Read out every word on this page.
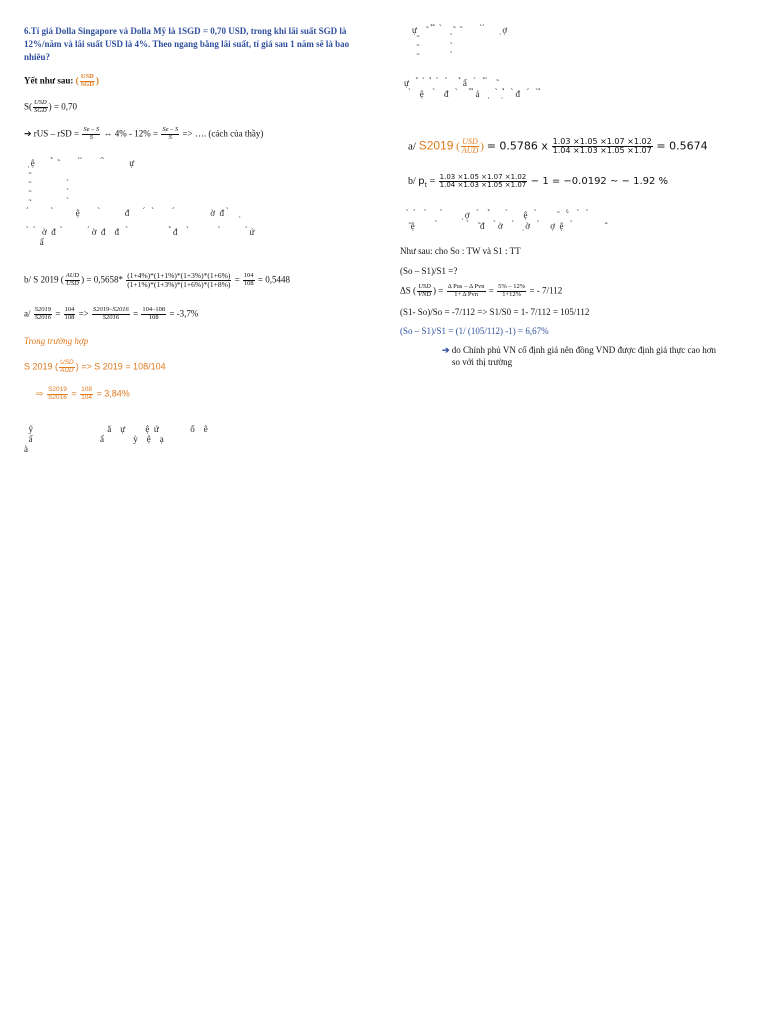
6.Tỉ giá Dolla Singapore và Dolla Mỹ là 1SGD = 0,70 USD, trong khi lãi suất SGD là
12%/năm và lãi suất USD là 4%. Theo ngang bằng lãi suất, tỉ giá sau 1 năm sẽ là bao
nhiêu?
Yết như sau: ( $\frac{\text{USD}}{\text{SGD}}$ )
$S( \frac{\text{USD}}{\text{SGD}}$ ) = 0,70
➔ rUS – rSD = $\frac{Se - S}{S}$ ⇔ $4\% - 12\% = \frac{Se - S}{S}$ => …. (cách của thầy)
̣ ệ        ̉  ̃          ́ ́         ́ ̀           ự
̃
̃                  ̀
̃                  ̀
̃                  ̀
́           ̀          ệ         ̀           đ       ́    ̀         ́                ờ  đ  ̀     ̣
̀   ́   ờ  đ   ̀            ́ ờ  đ    đ    ̀                   ̉ đ     ̀              ̀            ́ ứ
ấ
b/ S 2019 ( $\frac{\text{AUD}}{\text{USD}}$ ) = $0,5658* \frac{(1+4\%)*(1+1\%)*(1+3\%)*(1+6\%)}{(1+1\%)*(1+3\%)*(1+6\%)*(1+8\%)} = \frac{104}{108} = 0,5448$
$a/ \frac{S2019}{S2016} = \frac{104}{108} => \frac{S2019-S2016}{S2016} = \frac{104-108}{108} = -3,7\%$
Trong trường hợp
S 2019 ( $\frac{\text{USD}}{\text{AUD}}$ ) => S 2019 = 108/104
⇨ $\frac{S2019}{S2016} = \frac{108}{104} = 3,84\%$
ỹ                                 ă    ự         ệ  ứ              ổ    ê
ấ                              ấ             ỳ    ệ    ạ
à
ự    ̃   ̉ ̉   ̀     ̃   ̃          ̀ ́       ̣ ợ
̃                ̀
̃                ̀
̃                ̀
ự    ̉   ̀   ̉   ́    ́      ̉ ẩ    ̀    ̉ ́    ̃
̀    ệ     ̀    đ    ̀      ̉ ̉ ả    ̣    ̀  ̣ ̉    ̀ đ    ́    ̀ ̉
a/ S2019 ( $\frac{\text{USD}}{\text{AUD}}$ ) = 0.5786 x $\frac{1.03 \times 1.05 \times 1.07 \times 1.02}{1.04 \times 1.03 \times 1.05 \times 1.07} = 0.5674$
b/ $p_t = \frac{1.03 \times 1.05 \times 1.07 \times 1.02}{1.04 \times 1.03 \times 1.05 \times 1.07} - 1 = -0.0192$ ~ − 1.92 %
̀   ́     ̀       ̀         ̣ ợ    ́     ̉        ̀       ệ    ̀         ̃    ̃ ́     ̀    ̀
̃ ệ          ̀              ̀    ̃ đ     ̀ ờ     ̀    ̣ ờ    ́     ợ  ệ    ̀               ̂
Như sau: cho So : TW và S1 : TT
(So – S1)/S1 =?
ΔS ( $\frac{\text{USD}}{\text{VND}}$ ) = $\frac{\text{Δ Pus – Δ Pvn}}{\text{1+ Δ Pvn}} = \frac{5\% - 12\%}{1+12\%}$ = - 7/112
(S1- So)/So = -7/112 => S1/S0 = 1- 7/112 = 105/112
(So – S1)/S1 = (1/ (105/112) -1) = 6,67%
➔ do Chính phủ VN cố định giá nên đồng VND được định giá thực cao hơn
so với thị trường
